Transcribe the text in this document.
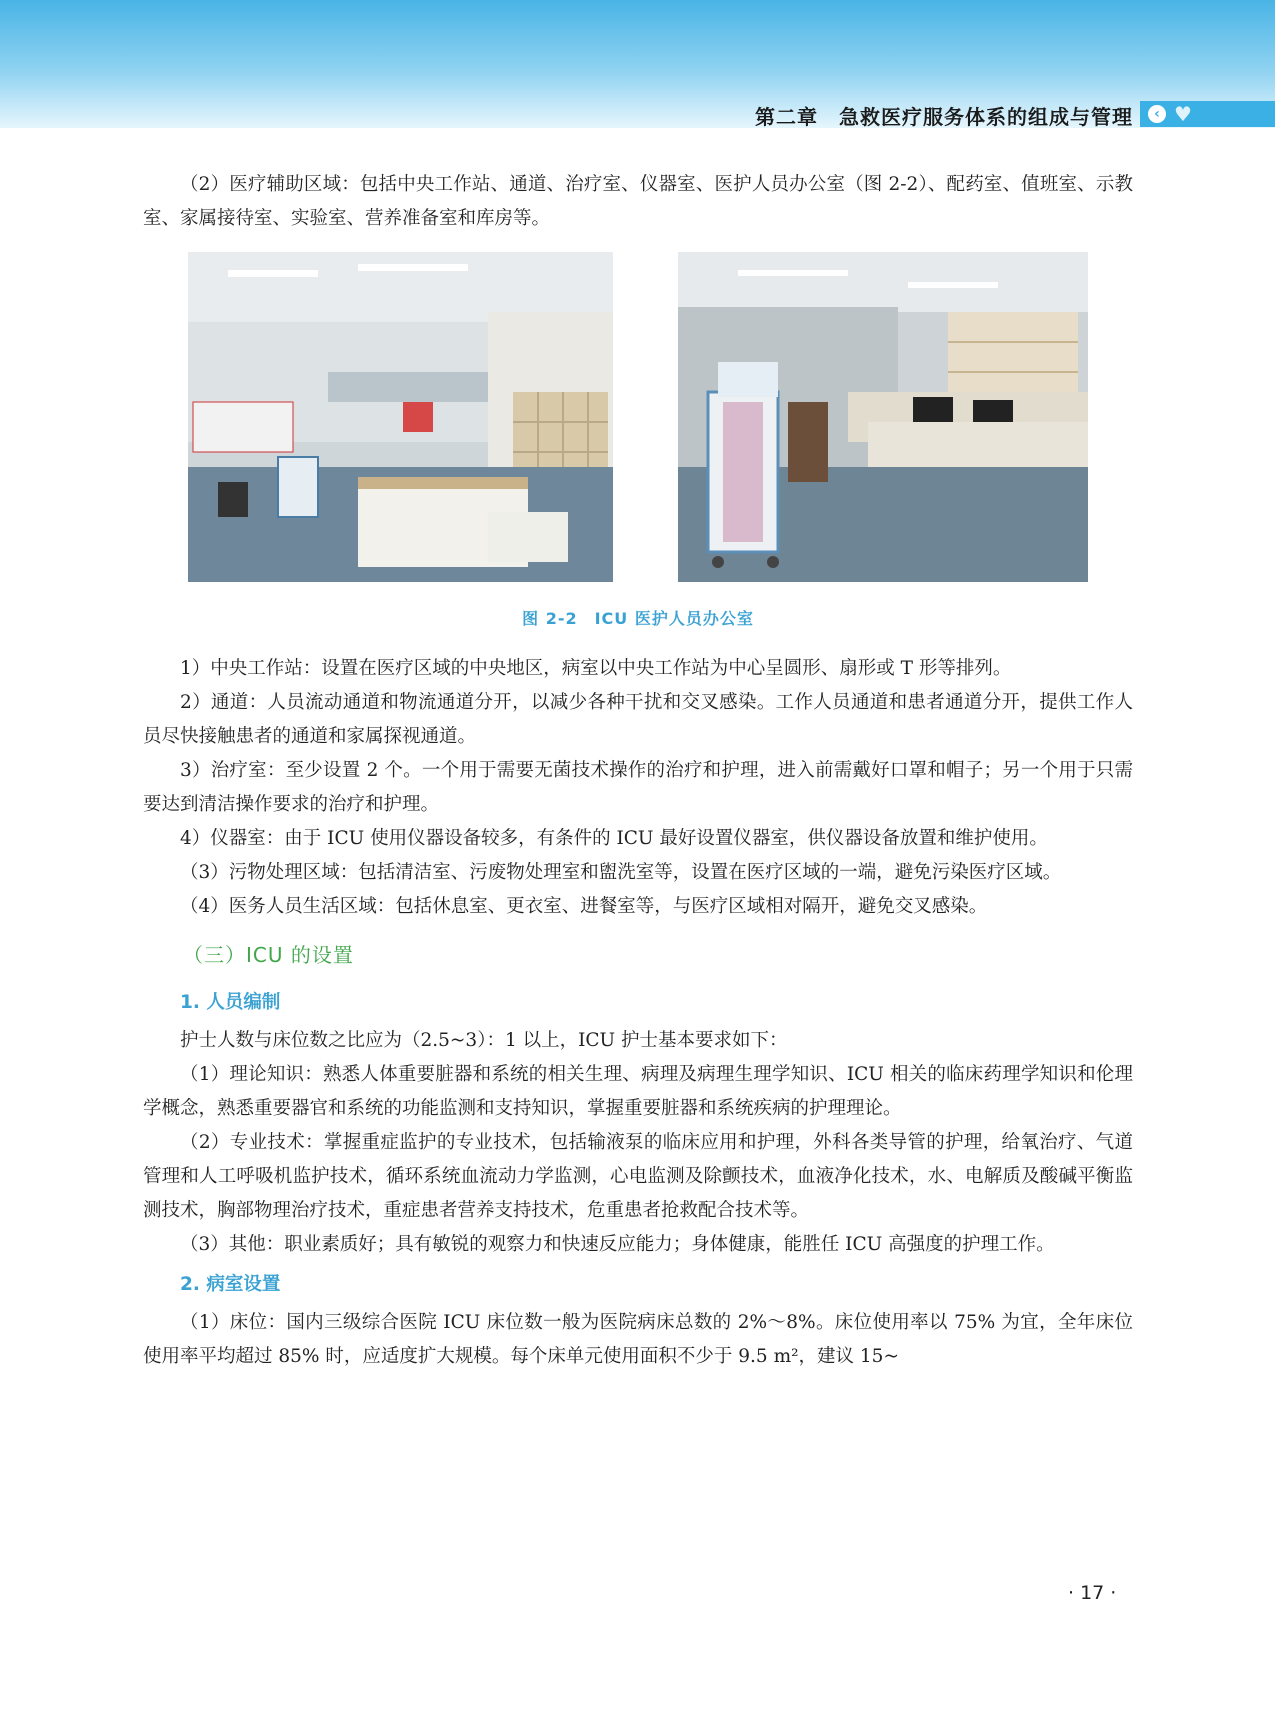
第二章　急救医疗服务体系的组成与管理	‹ ♥

（2）医疗辅助区域：包括中央工作站、通道、治疗室、仪器室、医护人员办公室（图 2-2）、配药室、值班室、示教室、家属接待室、实验室、营养准备室和库房等。

图 2-2　ICU 医护人员办公室

1）中央工作站：设置在医疗区域的中央地区，病室以中央工作站为中心呈圆形、扇形或 T 形等排列。

2）通道：人员流动通道和物流通道分开，以减少各种干扰和交叉感染。工作人员通道和患者通道分开，提供工作人员尽快接触患者的通道和家属探视通道。

3）治疗室：至少设置 2 个。一个用于需要无菌技术操作的治疗和护理，进入前需戴好口罩和帽子；另一个用于只需要达到清洁操作要求的治疗和护理。

4）仪器室：由于 ICU 使用仪器设备较多，有条件的 ICU 最好设置仪器室，供仪器设备放置和维护使用。

（3）污物处理区域：包括清洁室、污废物处理室和盥洗室等，设置在医疗区域的一端，避免污染医疗区域。

（4）医务人员生活区域：包括休息室、更衣室、进餐室等，与医疗区域相对隔开，避免交叉感染。

（三）ICU 的设置
1. 人员编制

护士人数与床位数之比应为（2.5~3）：1 以上，ICU 护士基本要求如下：

（1）理论知识：熟悉人体重要脏器和系统的相关生理、病理及病理生理学知识、ICU 相关的临床药理学知识和伦理学概念，熟悉重要器官和系统的功能监测和支持知识，掌握重要脏器和系统疾病的护理理论。

（2）专业技术：掌握重症监护的专业技术，包括输液泵的临床应用和护理，外科各类导管的护理，给氧治疗、气道管理和人工呼吸机监护技术，循环系统血流动力学监测，心电监测及除颤技术，血液净化技术，水、电解质及酸碱平衡监测技术，胸部物理治疗技术，重症患者营养支持技术，危重患者抢救配合技术等。

（3）其他：职业素质好；具有敏锐的观察力和快速反应能力；身体健康，能胜任 ICU 高强度的护理工作。

2. 病室设置

（1）床位：国内三级综合医院 ICU 床位数一般为医院病床总数的 2%～8%。床位使用率以 75% 为宜，全年床位使用率平均超过 85% 时，应适度扩大规模。每个床单元使用面积不少于 9.5 m²，建议 15~

· 17 ·
